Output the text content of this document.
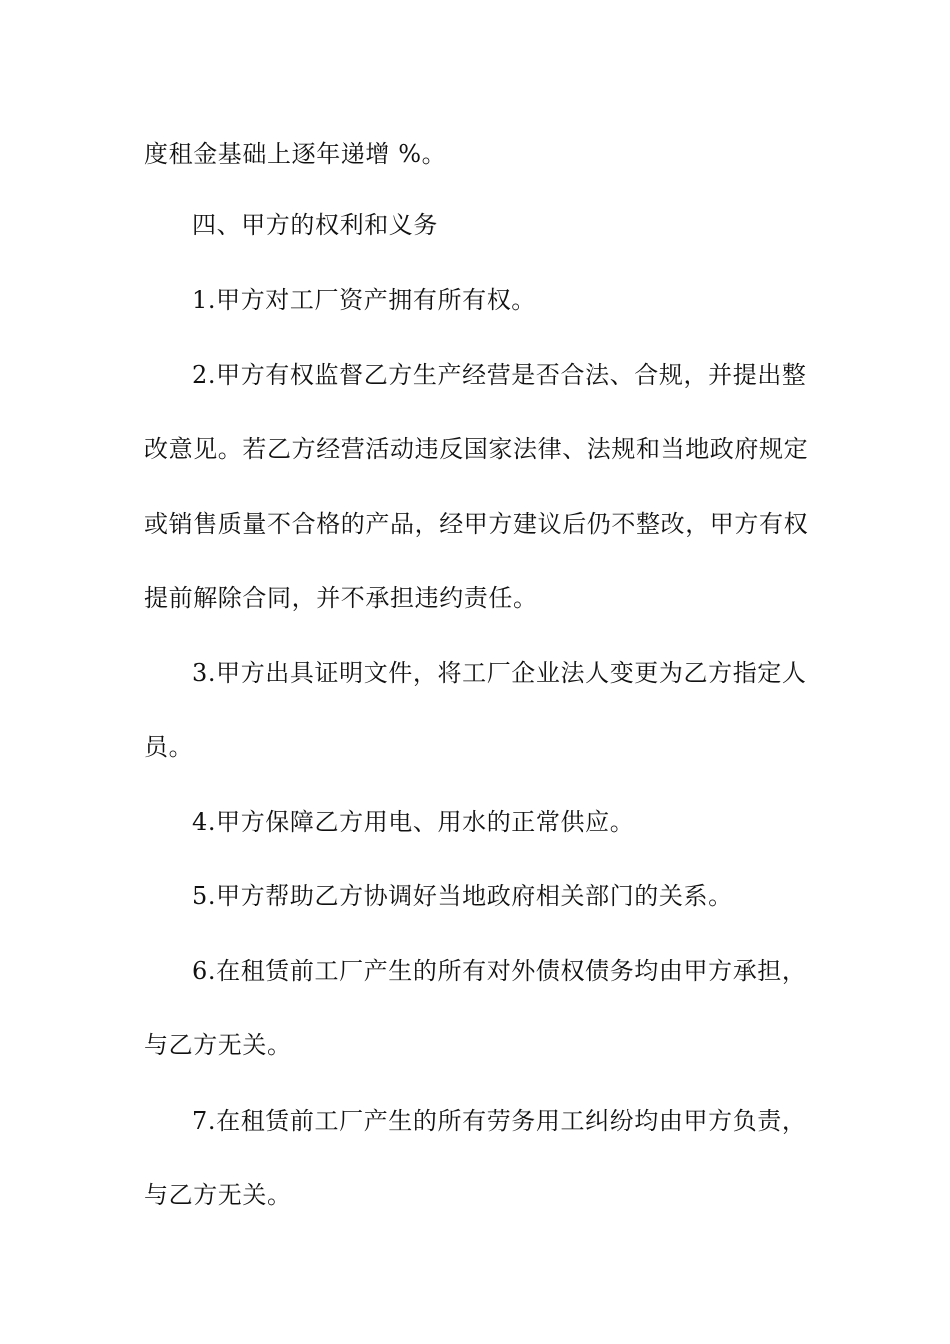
度租金基础上逐年递增 %。
四、甲方的权利和义务
1.甲方对工厂资产拥有所有权。
2.甲方有权监督乙方生产经营是否合法、合规，并提出整
改意见。若乙方经营活动违反国家法律、法规和当地政府规定
或销售质量不合格的产品，经甲方建议后仍不整改，甲方有权
提前解除合同，并不承担违约责任。
3.甲方出具证明文件，将工厂企业法人变更为乙方指定人
员。
4.甲方保障乙方用电、用水的正常供应。
5.甲方帮助乙方协调好当地政府相关部门的关系。
6.在租赁前工厂产生的所有对外债权债务均由甲方承担，
与乙方无关。
7.在租赁前工厂产生的所有劳务用工纠纷均由甲方负责，
与乙方无关。
